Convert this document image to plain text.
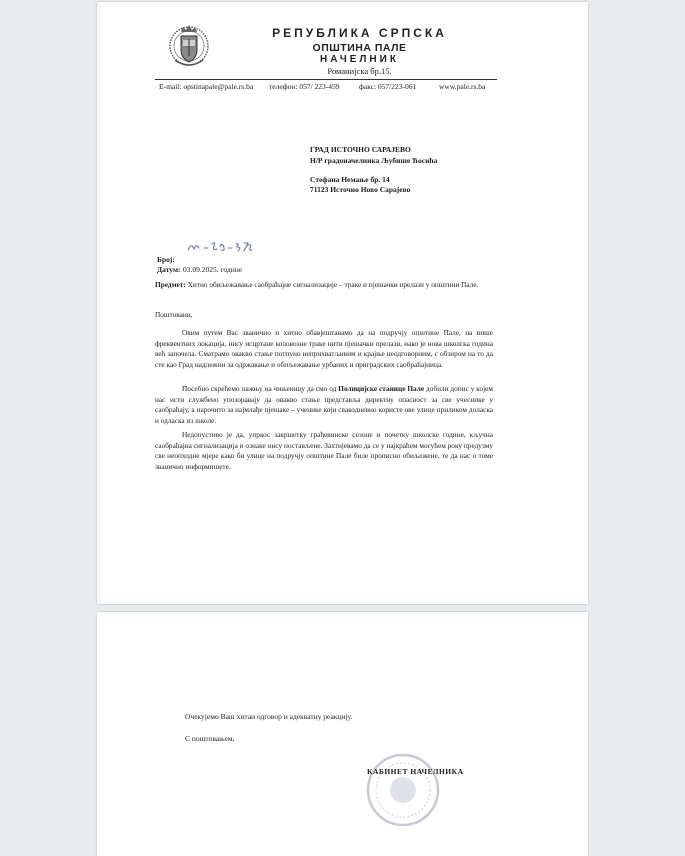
РЕПУБЛИКА СРПСКА
ОПШТИНА ПАЛЕ
НАЧЕЛНИК
Романијска бр.15.
E-mail: opstinapale@pale.rs.ba телефон: 057/ 223-459	факс: 057/223-061	www.pale.rs.ba
ГРАД ИСТОЧНО САРАЈЕВО
Н/Р градоначелника Љубише Ћосића
Стефана Немање бр. 14
71123 Источно Ново Сарајево
Број:
Датум: 03.09.2025. године
Предмет: Хитно обиљежавање саобраћајне сигнализације – траке и пјешачки прелази у општини Пале.
Поштовани,
Овим путем Вас званично и хитно обавјештавамо да на подручју општине Пале, на више фреквентних локација, нису исцртане коловозне траке нити пјешачки прелази, иако је нова школска година већ започела. Сматрамо овакво стање потпуно неприхватљивим и крајње неодговорним, с обзиром на то да сте као Град надлежни за одржавање и обиљежавање урбаних и приградских саобраћајница.
Посебно скрећемо пажњу на чињеницу да смо од Полицијске станице Пале добили допис у којем нас исти службено упозоравају да овакво стање представља директну опасност за све учеснике у саобраћају, а нарочито за најмлађе пјешаке – ученике који свакодневно користе ове улице приликом доласка и одласка из школе.
Недопустиво је да, упркос завршетку грађевинске сезоне и почетку школске године, кључна саобраћајна сигнализација и ознаке нису постављене. Захтијевамо да се у најкраћем могућем року предузму све неопходне мјере како би улице на подручју општине Пале биле прописно обиљежене, те да нас о томе званично информишете.
Очекујемо Ваш хитан одговор и адекватну реакцију.
С поштовањем,
КАБИНЕТ НАЧЕЛНИКА
